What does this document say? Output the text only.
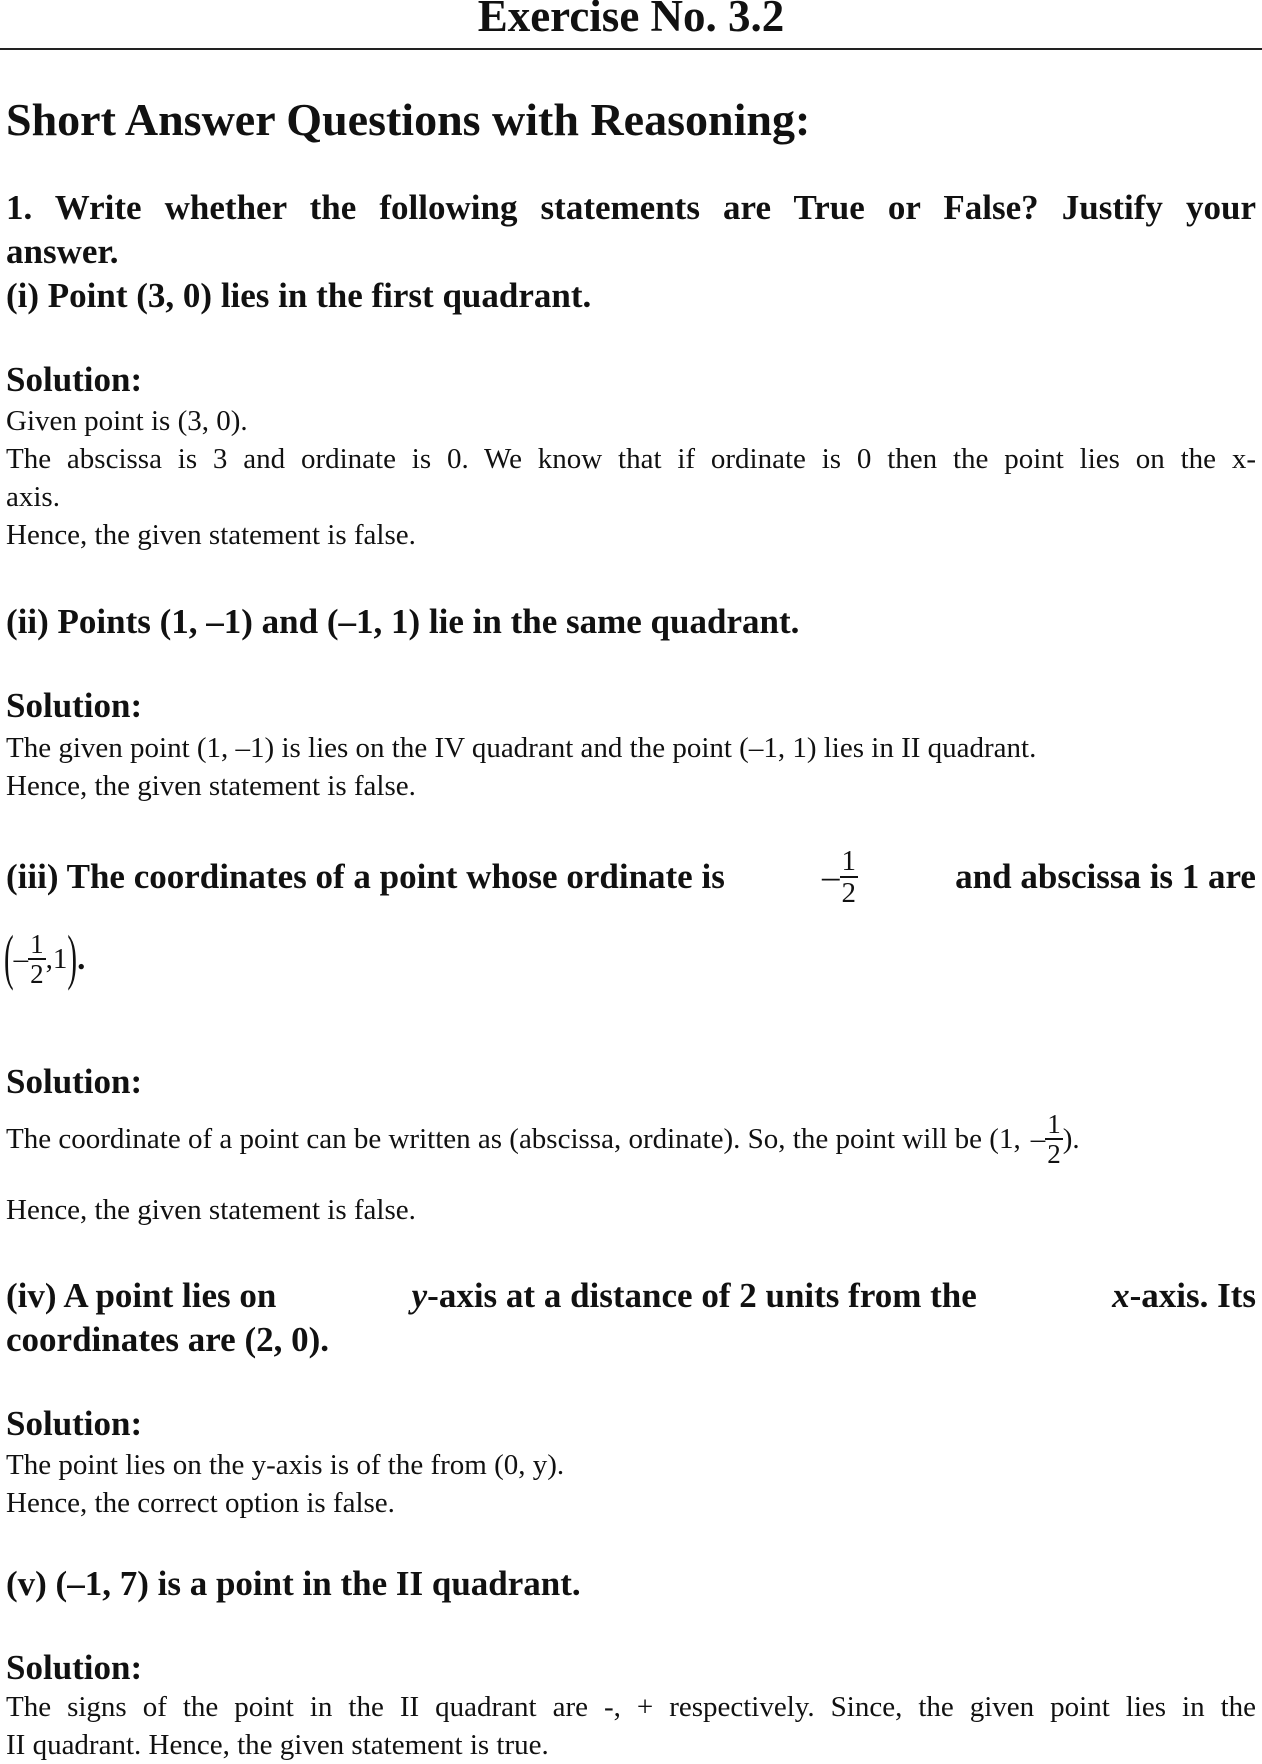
Exercise No. 3.2

Short Answer Questions with Reasoning:

1. Write whether the following statements are True or False? Justify your

answer.

(i) Point (3, 0) lies in the first quadrant.

Solution:

Given point is (3, 0).

The abscissa is 3 and ordinate is 0. We know that if ordinate is 0 then the point lies on the x-

axis.

Hence, the given statement is false.

(ii) Points (1, –1) and (–1, 1) lie in the same quadrant.

Solution:

The given point (1, –1) is lies on the IV quadrant and the point (–1, 1) lies in II quadrant.

Hence, the given statement is false.

(iii) The coordinates of a point whose ordinate is	– $\frac{1}{2}$	and abscissa is 1 are
( – $\frac{1}{2} ,1$ ) .

Solution:

The coordinate of a point can be written as (abscissa, ordinate). So, the point will be (1, – $\frac{1}{2}$ ).

Hence, the given statement is false.

(iv) A point lies on	y-axis at a distance of 2 units from the	x-axis. Its

coordinates are (2, 0).

Solution:

The point lies on the y-axis is of the from (0, y).

Hence, the correct option is false.

(v) (–1, 7) is a point in the II quadrant.

Solution:

The signs of the point in the II quadrant are -, + respectively. Since, the given point lies in the

II quadrant. Hence, the given statement is true.
